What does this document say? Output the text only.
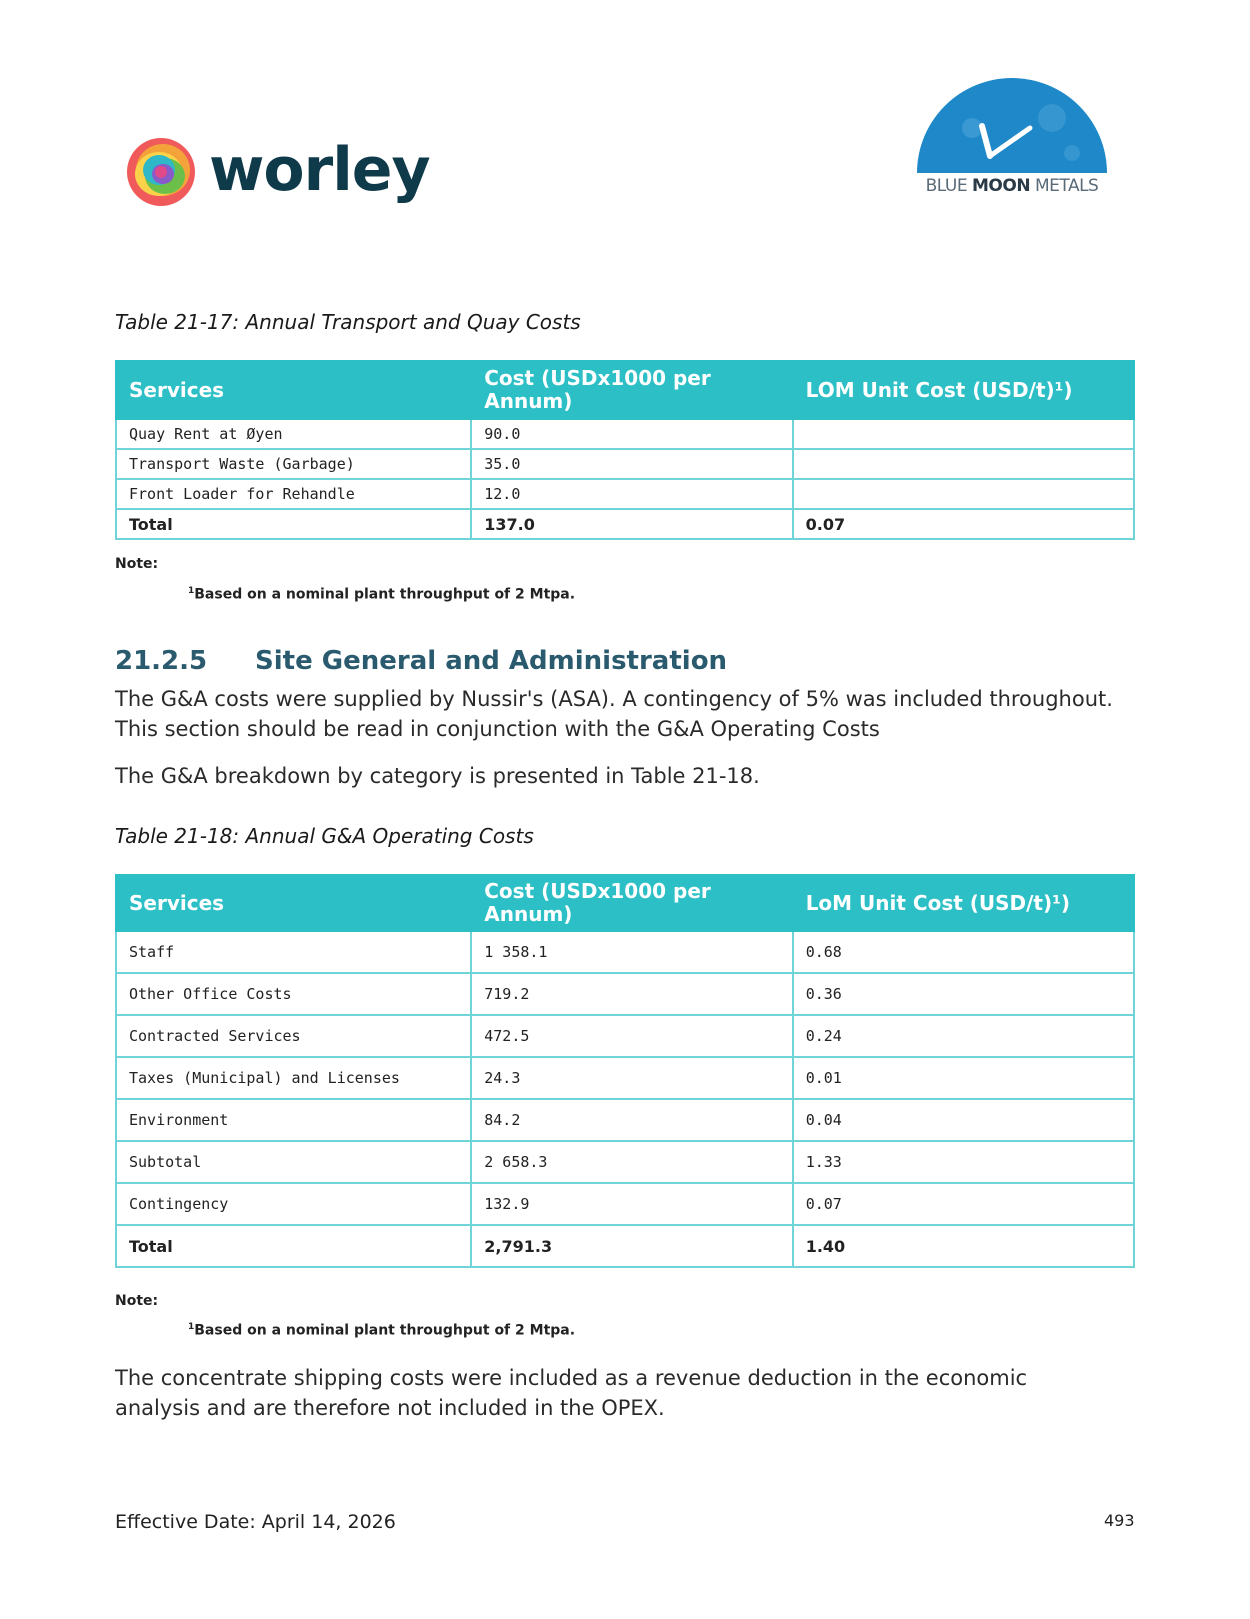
worley	BLUE MOON METALS
Table 21-17: Annual Transport and Quay Costs
Services	Cost (USDx1000 per Annum)	LOM Unit Cost (USD/t)¹)
Quay Rent at Øyen	90.0	
Transport Waste (Garbage)	35.0	
Front Loader for Rehandle	12.0	
Total	137.0	0.07
Note:
$^1$Based on a nominal plant throughput of 2 Mtpa.
21.2.5 Site General and Administration
The G&A costs were supplied by Nussir's (ASA). A contingency of 5% was included throughout. This section should be read in conjunction with the G&A Operating Costs
The G&A breakdown by category is presented in Table 21-18.
Table 21-18: Annual G&A Operating Costs
Services	Cost (USDx1000 per Annum)	LoM Unit Cost (USD/t)¹)
Staff	1 358.1	0.68
Other Office Costs	719.2	0.36
Contracted Services	472.5	0.24
Taxes (Municipal) and Licenses	24.3	0.01
Environment	84.2	0.04
Subtotal	2 658.3	1.33
Contingency	132.9	0.07
Total	2,791.3	1.40
Note:
$^1$Based on a nominal plant throughput of 2 Mtpa.
The concentrate shipping costs were included as a revenue deduction in the economic analysis and are therefore not included in the OPEX.
Effective Date: April 14, 2026	493
